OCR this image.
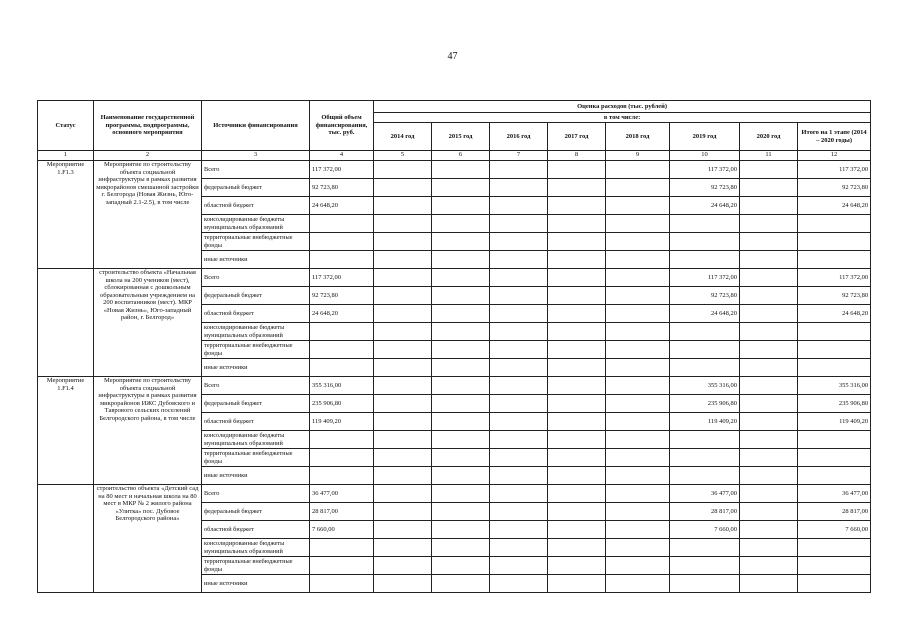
47
Статус	Наименование государственной программы, подпрограммы, основного мероприятия	Источники финансирования	Общий объем финансирования, тыс. руб.	Оценка расходов (тыс. рублей)							
				в том числе:							
				2014 год	2015 год	2016 год	2017 год	2018 год	2019 год	2020 год	Итого на 1 этапе (2014 – 2020 годы)
1	2	3	4	5	6	7	8	9	10	11	12
Мероприятие 1.F1.3	Мероприятие по строительству объекта социальной инфраструктуры в рамках развития микрорайонов смешанной застройки г. Белгорода (Новая Жизнь, Юго-западный 2.1-2.5), в том числе	Всего	117 372,00						117 372,00		117 372,00
		федеральный бюджет	92 723,80						92 723,80		92 723,80
		областной бюджет	24 648,20						24 648,20		24 648,20
		консолидированные бюджеты муниципальных образований									
		территориальные внебюджетные фонды									
		иные источники									
	строительство объекта «Начальная школа на 200 учеников (мест), сблокированная с дошкольным образовательным учреждением на 200 воспитанников (мест). МКР «Новая Жизнь», Юго-западный район, г. Белгород»	Всего	117 372,00						117 372,00		117 372,00
		федеральный бюджет	92 723,80						92 723,80		92 723,80
		областной бюджет	24 648,20						24 648,20		24 648,20
		консолидированные бюджеты муниципальных образований									
		территориальные внебюджетные фонды									
		иные источники									
Мероприятие 1.F1.4	Мероприятие по строительству объекта социальной инфраструктуры в рамках развития микрорайонов ИЖС Дубовского и Таврового сельских поселений Белгородского района, в том числе	Всего	355 316,00						355 316,00		355 316,00
		федеральный бюджет	235 906,80						235 906,80		235 906,80
		областной бюджет	119 409,20						119 409,20		119 409,20
		консолидированные бюджеты муниципальных образований									
		территориальные внебюджетные фонды									
		иные источники									
	строительство объекта «Детский сад на 80 мест и начальная школа на 80 мест в МКР № 2 жилого района «Улитка» пос. Дубовое Белгородского района»	Всего	36 477,00						36 477,00		36 477,00
		федеральный бюджет	28 817,00						28 817,00		28 817,00
		областной бюджет	7 660,00						7 660,00		7 660,00
		консолидированные бюджеты муниципальных образований									
		территориальные внебюджетные фонды									
		иные источники									
